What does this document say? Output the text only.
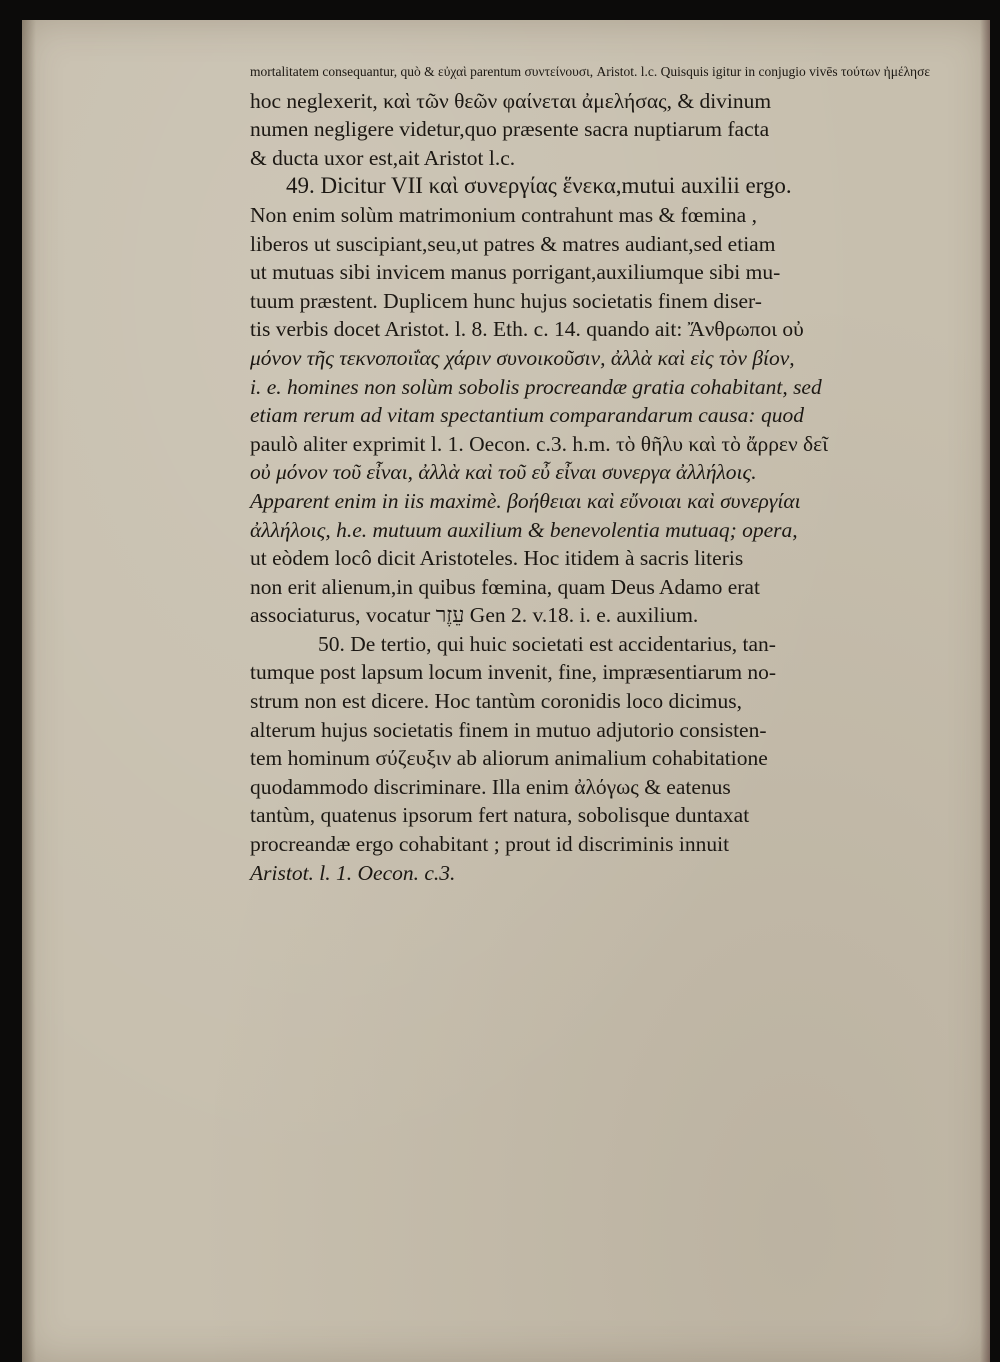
mortalitatem consequantur, quò & εὐχαὶ parentum συντείνουσι, Aristot. l.c. Quisquis igitur in conjugio vivēs τούτων ἠμέλησε
hoc neglexerit, καὶ τῶν θεῶν φαίνεται ἀμελήσας, & divinum
numen negligere videtur,quo præsente sacra nuptiarum facta
& ducta uxor est,ait Aristot l.c.
49. Dicitur VII καὶ συνεργίας ἕνεκα,mutui auxilii ergo.
Non enim solùm matrimonium contrahunt mas & fœmina ,
liberos ut suscipiant,seu,ut patres & matres audiant,sed etiam
ut mutuas sibi invicem manus porrigant,auxiliumque sibi mu-
tuum præstent. Duplicem hunc hujus societatis finem diser-
tis verbis docet Aristot. l. 8. Eth. c. 14. quando ait: Ἄνθρωποι οὐ
μόνον τῆς τεκνοποιΐας χάριν συνοικοῦσιν, ἀλλὰ καὶ εἰς τὸν βίον,
i. e. homines non solùm sobolis procreandæ gratia cohabitant, sed
etiam rerum ad vitam spectantium comparandarum causa: quod
paulò aliter exprimit l. 1. Oecon. c.3. h.m. τὸ θῆλυ καὶ τὸ ἄρρεν δεῖ
οὐ μόνον τοῦ εἶναι, ἀλλὰ καὶ τοῦ εὖ εἶναι συνεργα ἀλλήλοις.
Apparent enim in iis maximè. βοήθειαι καὶ εὔνοιαι καὶ συνεργίαι
ἀλλήλοις, h.e. mutuum auxilium & benevolentia mutuaq; opera,
ut eòdem locô dicit Aristoteles. Hoc itidem à sacris literis
non erit alienum,in quibus fœmina, quam Deus Adamo erat
associaturus, vocatur עֵזֶר Gen 2. v.18. i. e. auxilium.
50. De tertio, qui huic societati est accidentarius, tan-
tumque post lapsum locum invenit, fine, impræsentiarum no-
strum non est dicere. Hoc tantùm coronidis loco dicimus,
alterum hujus societatis finem in mutuo adjutorio consisten-
tem hominum σύζευξιν ab aliorum animalium cohabitatione
quodammodo discriminare. Illa enim ἀλόγως & eatenus
tantùm, quatenus ipsorum fert natura, sobolisque duntaxat
procreandæ ergo cohabitant ; prout id discriminis innuit
Aristot. l. 1. Oecon. c.3.
